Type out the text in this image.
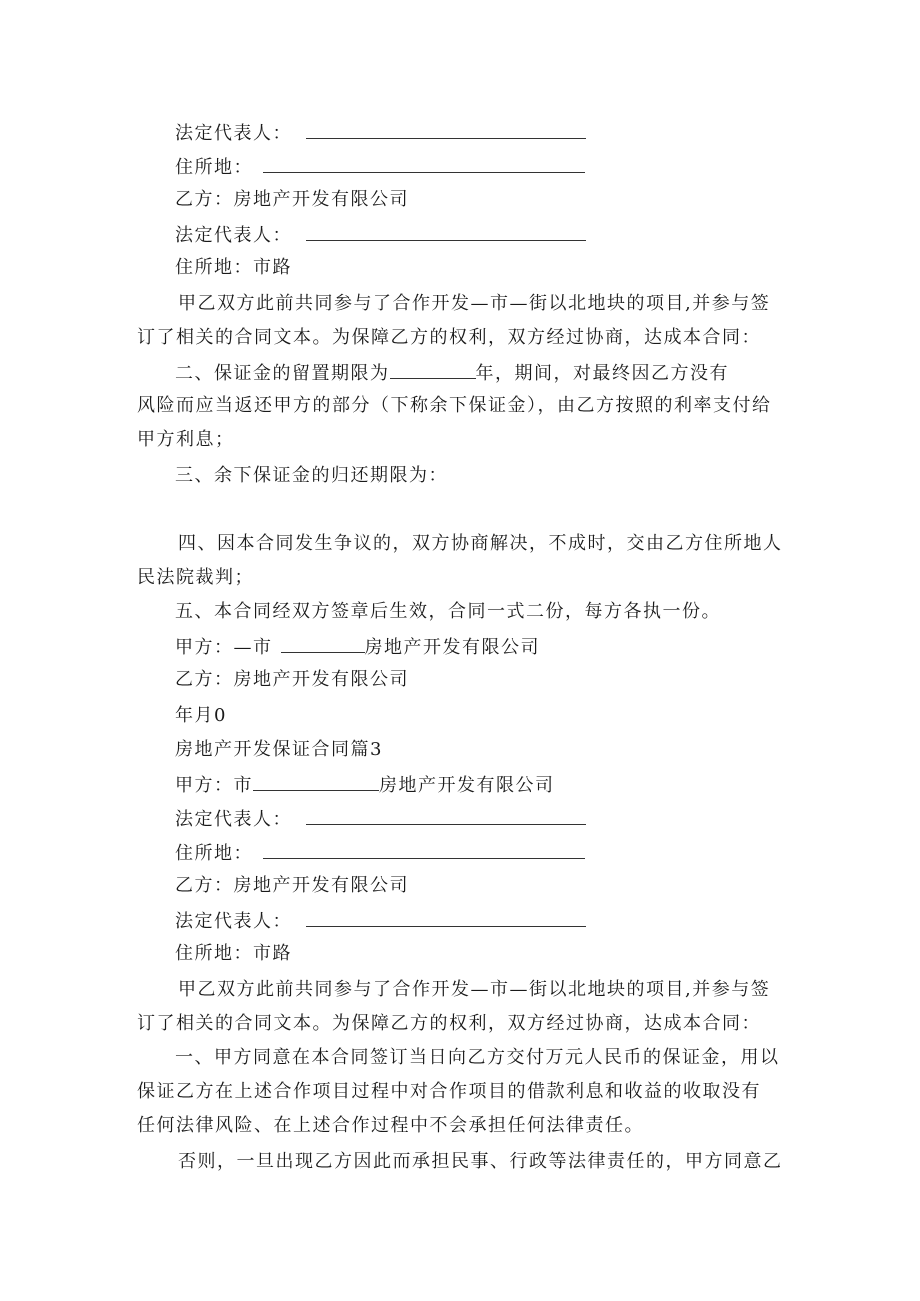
法定代表人：
住所地：
乙方：房地产开发有限公司
法定代表人：
住所地：市路
甲乙双方此前共同参与了合作开发—市—街以北地块的项目,并参与签
订了相关的合同文本。为保障乙方的权利，双方经过协商，达成本合同：
二、保证金的留置期限为	年，期间，对最终因乙方没有
风险而应当返还甲方的部分（下称余下保证金），由乙方按照的利率支付给
甲方利息；
三、余下保证金的归还期限为：
四、因本合同发生争议的，双方协商解决，不成时，交由乙方住所地人
民法院裁判；
五、本合同经双方签章后生效，合同一式二份，每方各执一份。
甲方：—市	房地产开发有限公司
乙方：房地产开发有限公司
年月0
房地产开发保证合同篇3
甲方：市	房地产开发有限公司
法定代表人：
住所地：
乙方：房地产开发有限公司
法定代表人：
住所地：市路
甲乙双方此前共同参与了合作开发—市—街以北地块的项目,并参与签
订了相关的合同文本。为保障乙方的权利，双方经过协商，达成本合同：
一、甲方同意在本合同签订当日向乙方交付万元人民币的保证金，用以
保证乙方在上述合作项目过程中对合作项目的借款利息和收益的收取没有
任何法律风险、在上述合作过程中不会承担任何法律责任。
否则，一旦出现乙方因此而承担民事、行政等法律责任的，甲方同意乙
